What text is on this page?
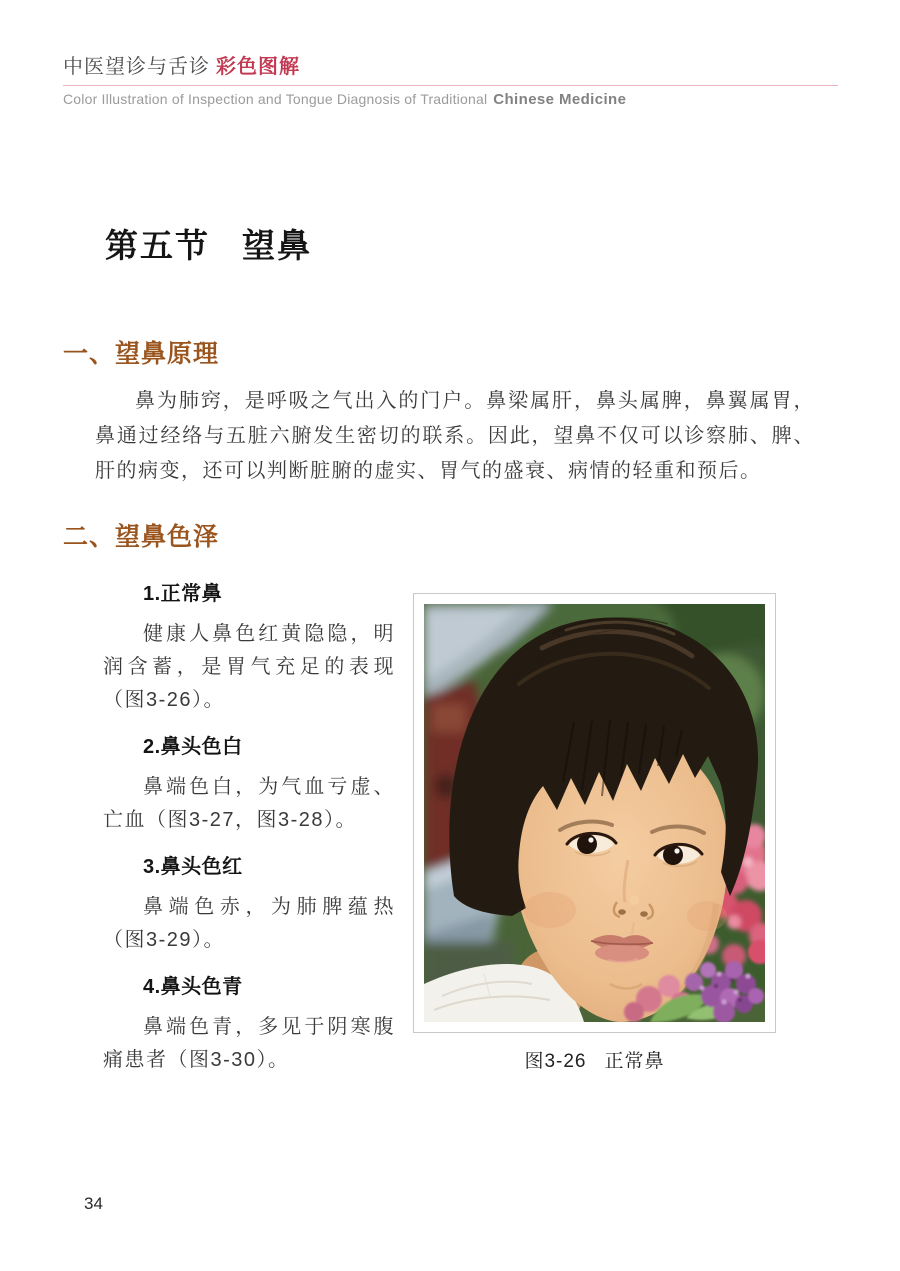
中医望诊与舌诊 彩色图解
Color Illustration of Inspection and Tongue Diagnosis of Traditional Chinese Medicine
第五节 望鼻
一、望鼻原理

鼻为肺窍，是呼吸之气出入的门户。鼻梁属肝，鼻头属脾，鼻翼属胃，鼻通过经络与五脏六腑发生密切的联系。因此，望鼻不仅可以诊察肺、脾、肝的病变，还可以判断脏腑的虚实、胃气的盛衰、病情的轻重和预后。

二、望鼻色泽
1.正常鼻

健康人鼻色红黄隐隐，明润含蓄，是胃气充足的表现（图3-26）。

2.鼻头色白

鼻端色白，为气血亏虚、亡血（图3-27，图3-28）。

3.鼻头色红

鼻端色赤，为肺脾蕴热（图3-29）。

4.鼻头色青

鼻端色青，多见于阴寒腹痛患者（图3-30）。	图3-26 正常鼻
34
